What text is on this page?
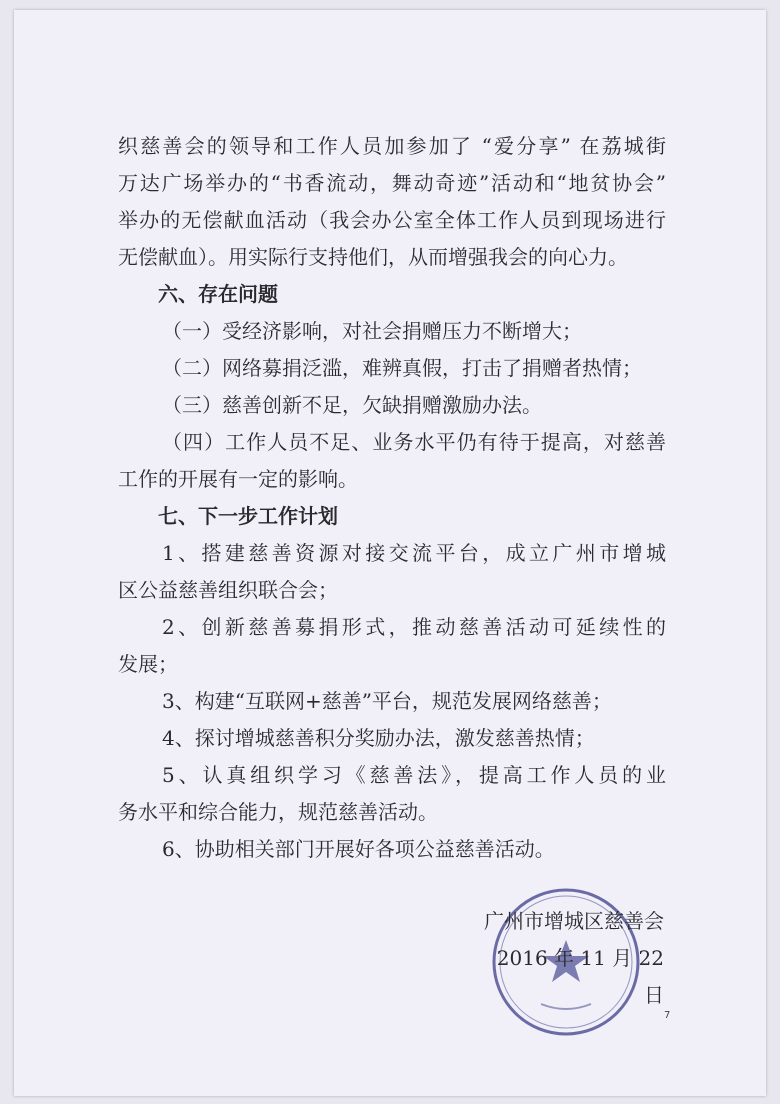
织慈善会的领导和工作人员加参加了 “爱分享” 在荔城街
万达广场举办的“书香流动，舞动奇迹”活动和“地贫协会”
举办的无偿献血活动（我会办公室全体工作人员到现场进行
无偿献血）。用实际行支持他们，从而增强我会的向心力。
六、存在问题
（一）受经济影响，对社会捐赠压力不断增大；
（二）网络募捐泛滥，难辨真假，打击了捐赠者热情；
（三）慈善创新不足，欠缺捐赠激励办法。
（四）工作人员不足、业务水平仍有待于提高，对慈善
工作的开展有一定的影响。
七、下一步工作计划
1、搭建慈善资源对接交流平台，成立广州市增城
区公益慈善组织联合会；
2、创新慈善募捐形式，推动慈善活动可延续性的
发展；
3、构建“互联网+慈善”平台，规范发展网络慈善；
4、探讨增城慈善积分奖励办法，激发慈善热情；
5、认真组织学习《慈善法》，提高工作人员的业
务水平和综合能力，规范慈善活动。
6、协助相关部门开展好各项公益慈善活动。
广州市增城区慈善会
2016 年 11 月 22 日
7
